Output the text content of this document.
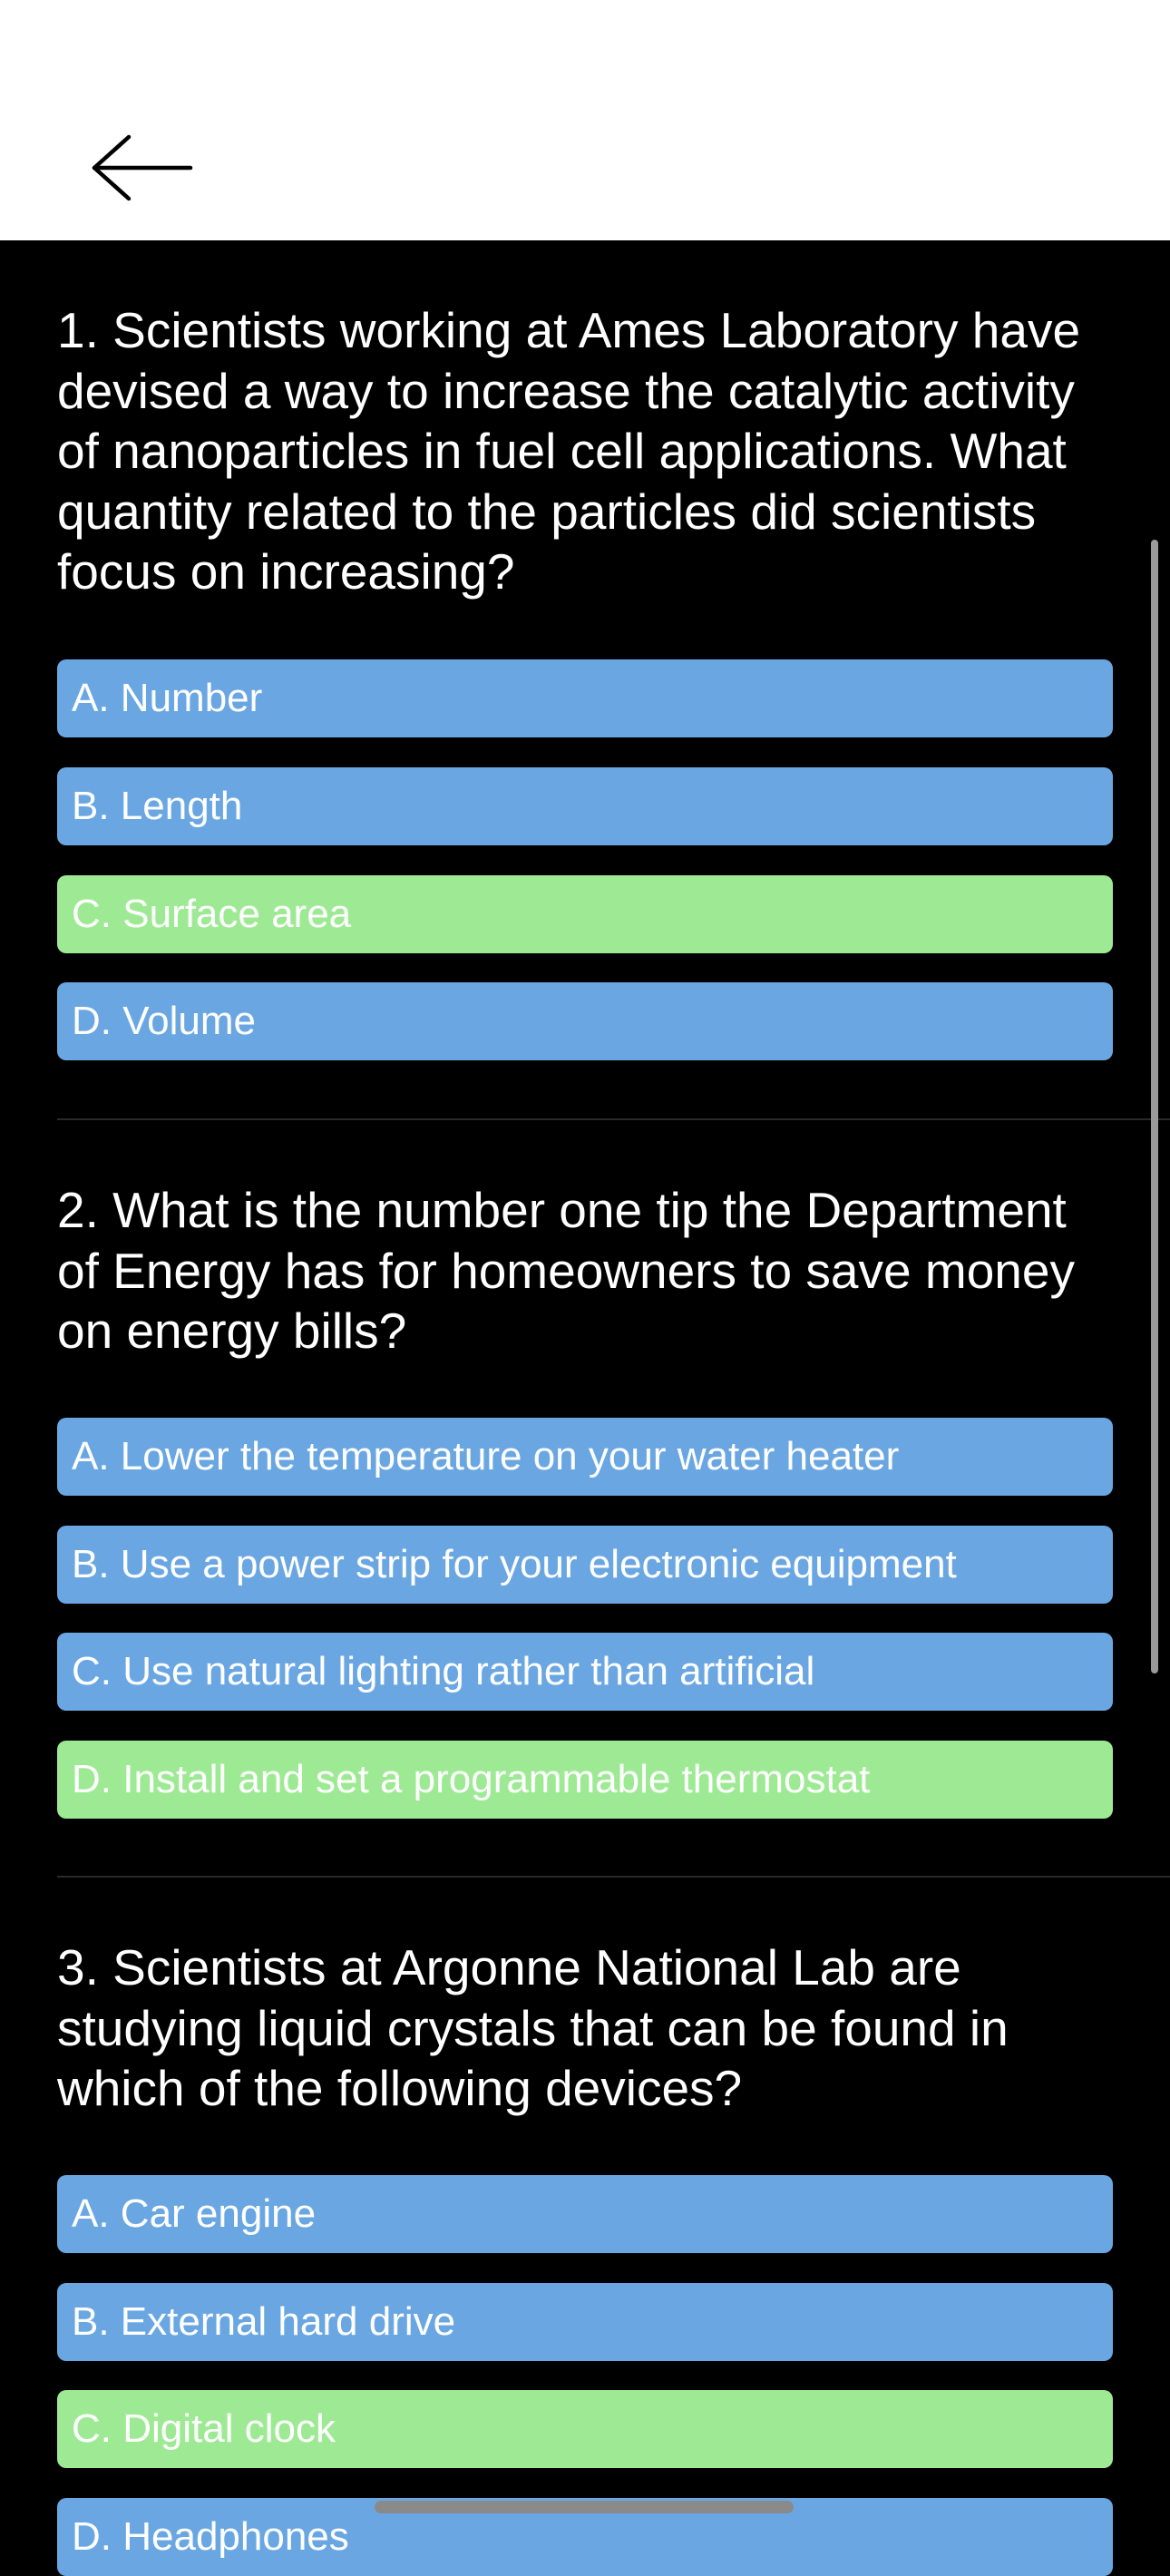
1. Scientists working at Ames Laboratory have devised a way to increase the catalytic activity of nanoparticles in fuel cell applications. What quantity related to the particles did scientists focus on increasing?

A. Number
B. Length
C. Surface area
D. Volume

2. What is the number one tip the Department of Energy has for homeowners to save money on energy bills?

A. Lower the temperature on your water heater
B. Use a power strip for your electronic equipment
C. Use natural lighting rather than artificial
D. Install and set a programmable thermostat

3. Scientists at Argonne National Lab are studying liquid crystals that can be found in which of the following devices?

A. Car engine
B. External hard drive
C. Digital clock
D. Headphones
